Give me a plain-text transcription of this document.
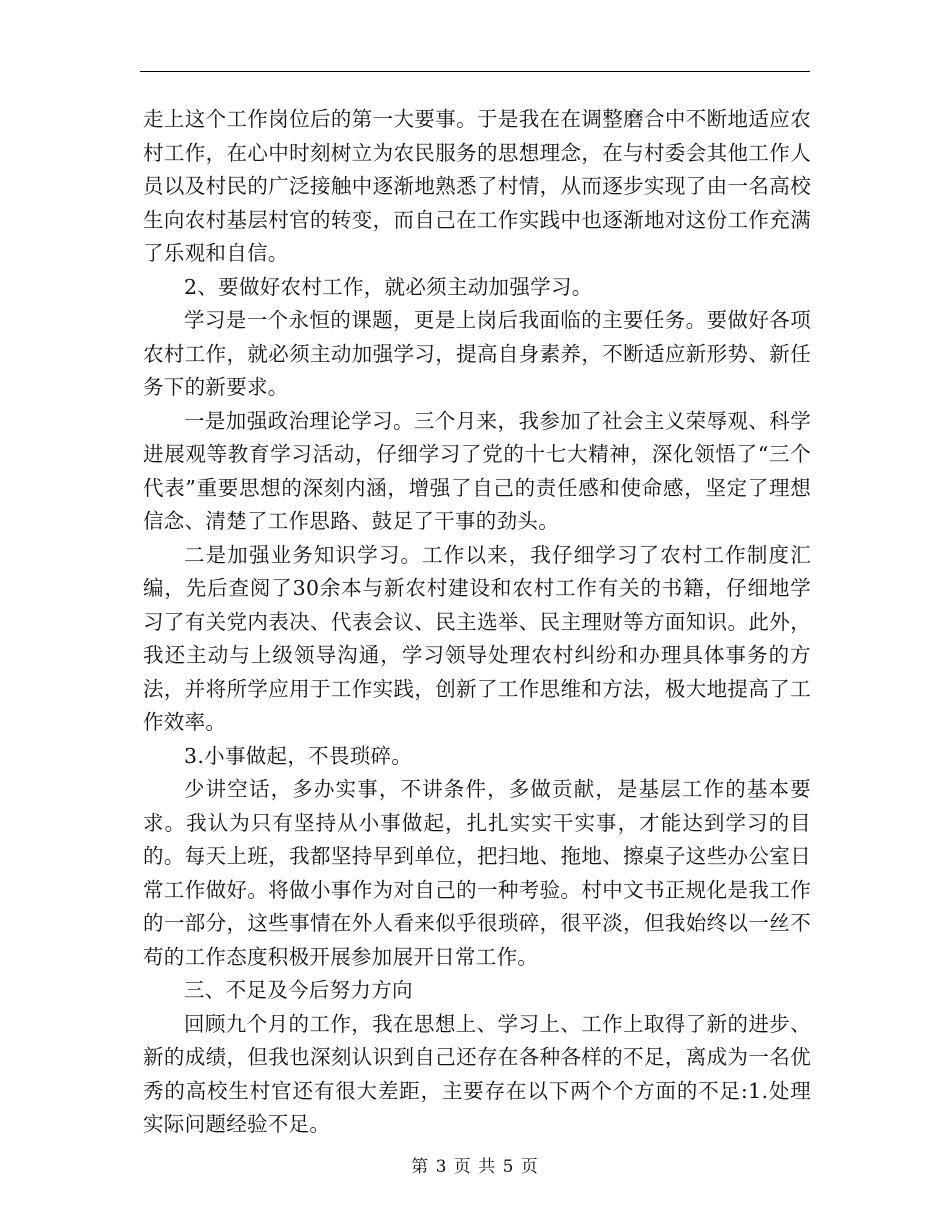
走上这个工作岗位后的第一大要事。于是我在在调整磨合中不断地适应农村工作，在心中时刻树立为农民服务的思想理念，在与村委会其他工作人员以及村民的广泛接触中逐渐地熟悉了村情，从而逐步实现了由一名高校生向农村基层村官的转变，而自己在工作实践中也逐渐地对这份工作充满了乐观和自信。

2、要做好农村工作，就必须主动加强学习。

学习是一个永恒的课题，更是上岗后我面临的主要任务。要做好各项农村工作，就必须主动加强学习，提高自身素养，不断适应新形势、新任务下的新要求。

一是加强政治理论学习。三个月来，我参加了社会主义荣辱观、科学进展观等教育学习活动，仔细学习了党的十七大精神，深化领悟了“三个代表”重要思想的深刻内涵，增强了自己的责任感和使命感，坚定了理想信念、清楚了工作思路、鼓足了干事的劲头。

二是加强业务知识学习。工作以来，我仔细学习了农村工作制度汇编，先后查阅了30余本与新农村建设和农村工作有关的书籍，仔细地学习了有关党内表决、代表会议、民主选举、民主理财等方面知识。此外，我还主动与上级领导沟通，学习领导处理农村纠纷和办理具体事务的方法，并将所学应用于工作实践，创新了工作思维和方法，极大地提高了工作效率。

3.小事做起，不畏琐碎。

少讲空话，多办实事，不讲条件，多做贡献，是基层工作的基本要求。我认为只有坚持从小事做起，扎扎实实干实事，才能达到学习的目的。每天上班，我都坚持早到单位，把扫地、拖地、擦桌子这些办公室日常工作做好。将做小事作为对自己的一种考验。村中文书正规化是我工作的一部分，这些事情在外人看来似乎很琐碎，很平淡，但我始终以一丝不苟的工作态度积极开展参加展开日常工作。

三、不足及今后努力方向

回顾九个月的工作，我在思想上、学习上、工作上取得了新的进步、新的成绩，但我也深刻认识到自己还存在各种各样的不足，离成为一名优秀的高校生村官还有很大差距，主要存在以下两个个方面的不足:1.处理实际问题经验不足。

第 3 页 共 5 页
